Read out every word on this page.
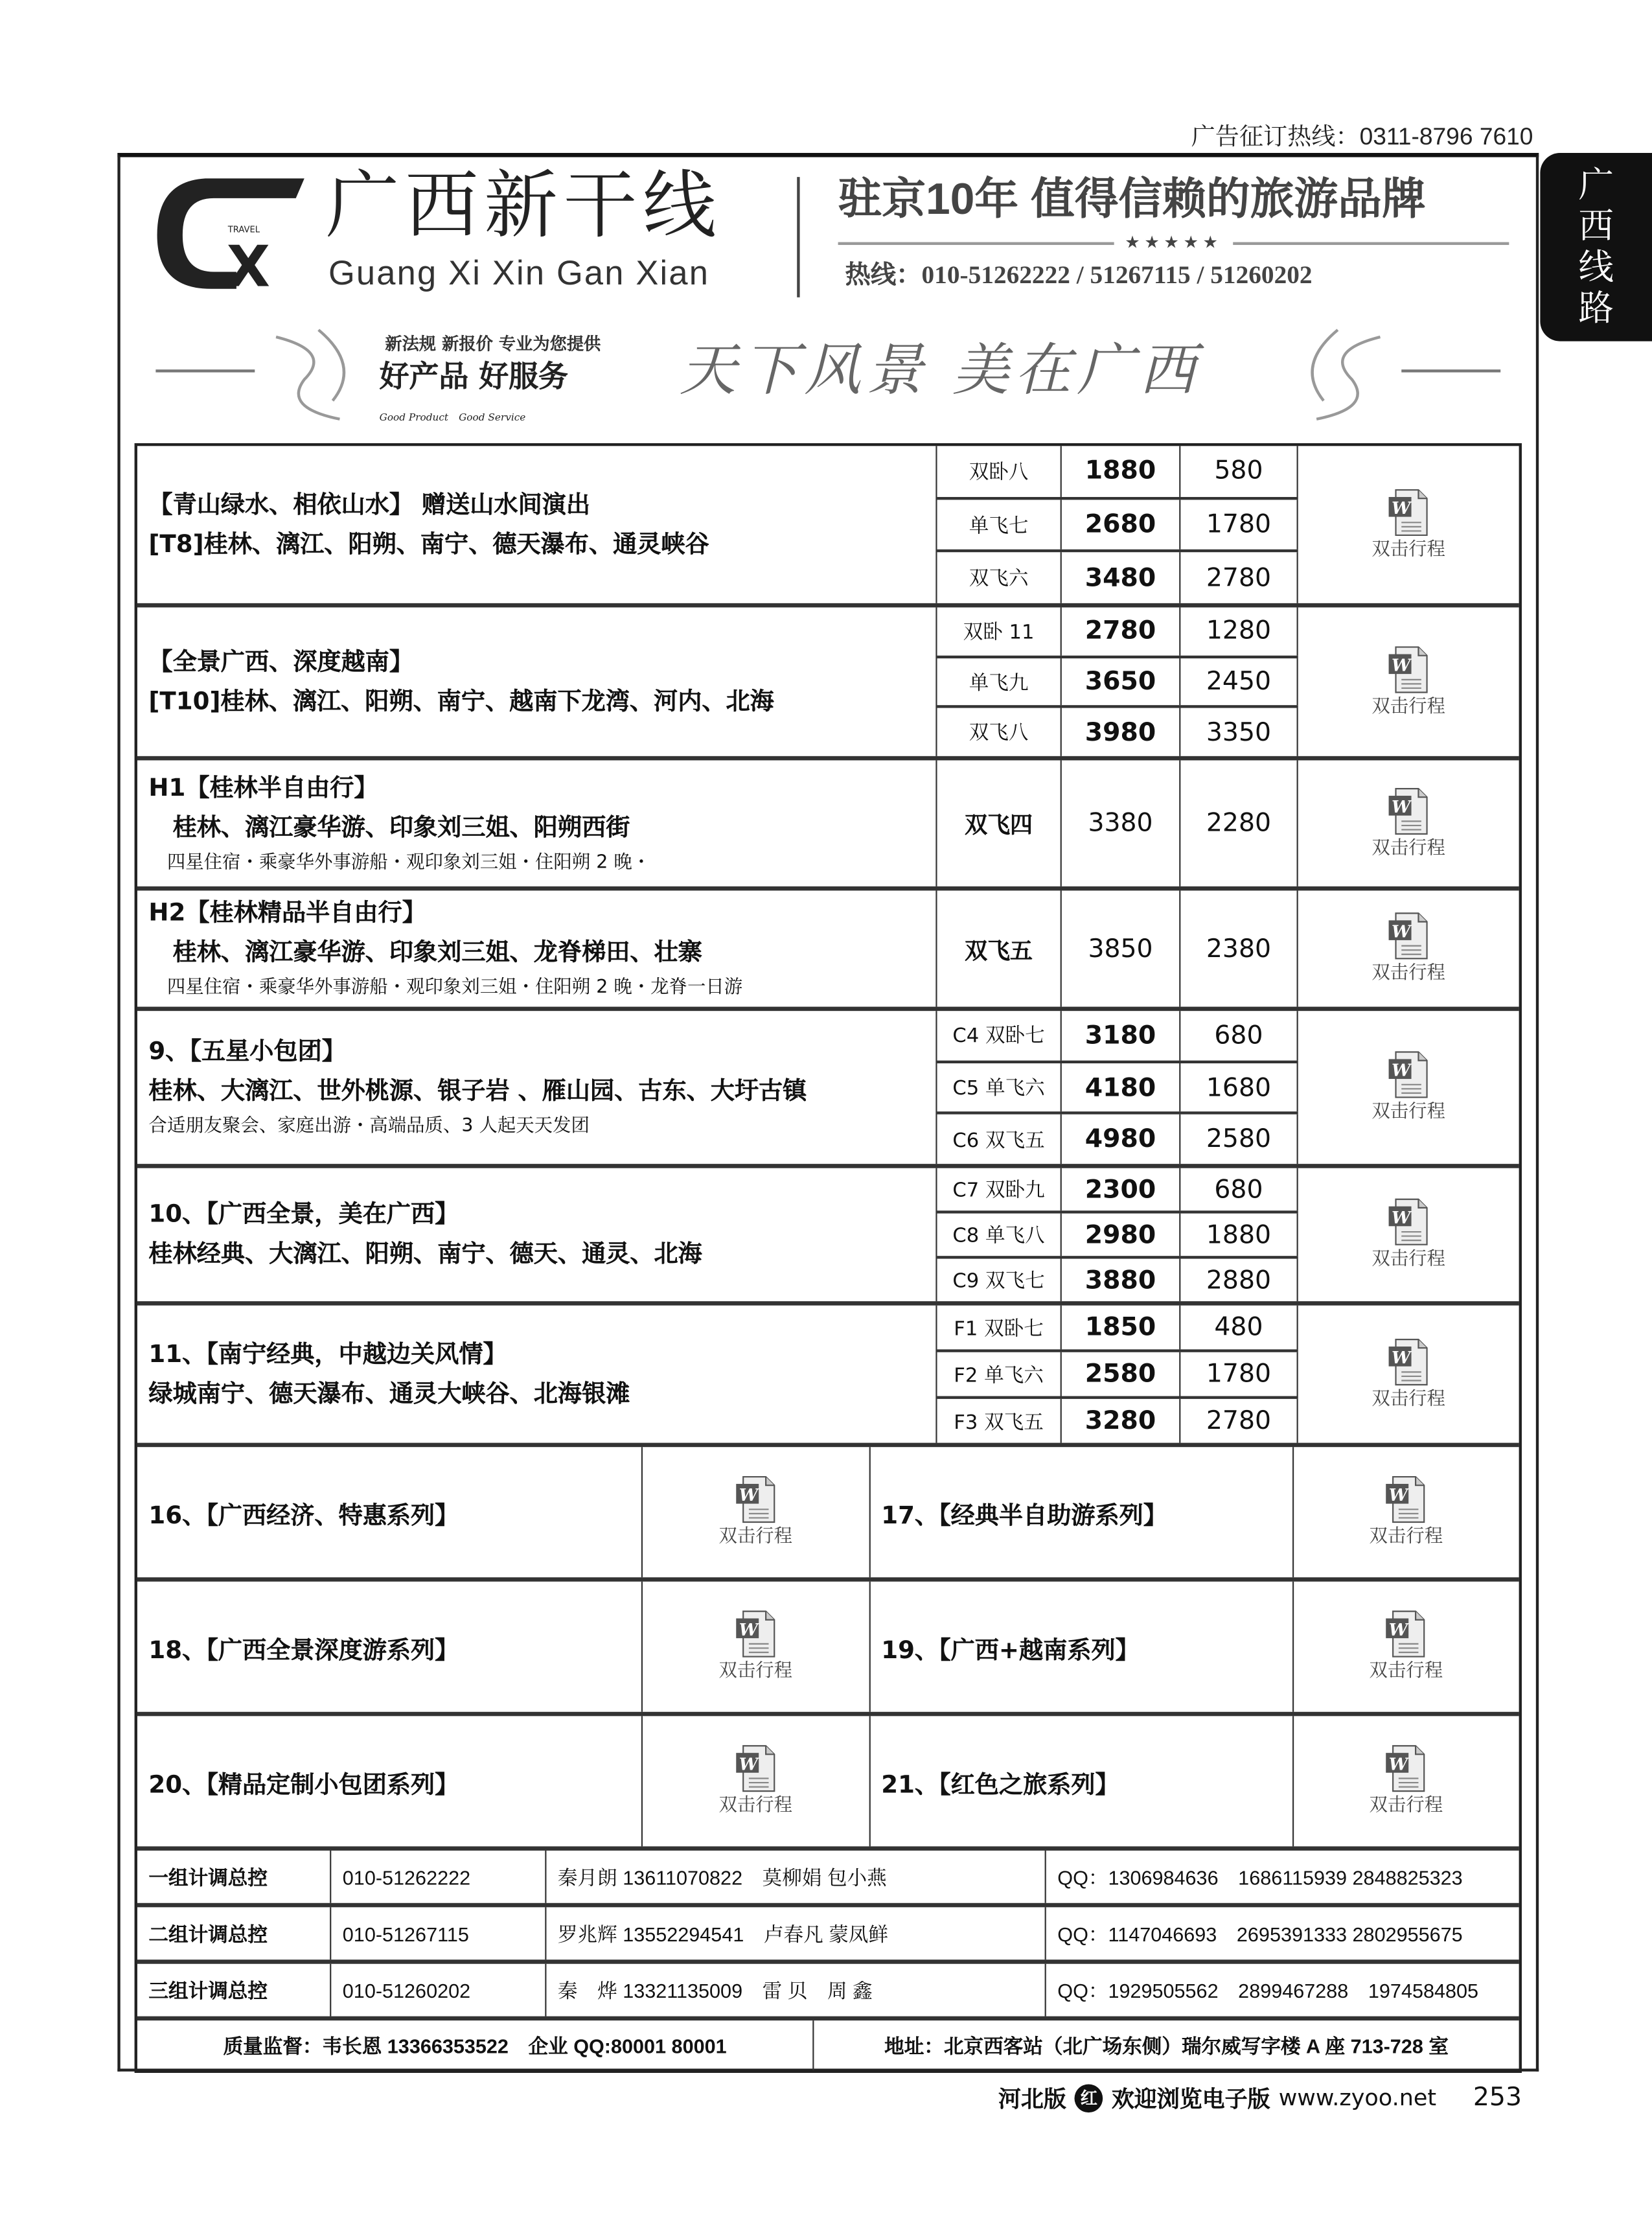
广告征订热线：0311-8796 7610
广
西
线
路
X
TRAVEL 广西新干线
Guang Xi Xin Gan Xian
驻京10年 值得信赖的旅游品牌
★★★★★
热线：010-51262222 / 51267115 / 51260202
新法规 新报价 专业为您提供
好产品 好服务
Good Product Good Service
天下风景 美在广西
【青山绿水、相依山水】 赠送山水间演出
[T8]桂林、漓江、阳朔、南宁、德天瀑布、通灵峡谷
双卧八	1880	580
单飞七	2680	1780
双飞六	3480	2780
W
双击行程
【全景广西、深度越南】
[T10]桂林、漓江、阳朔、南宁、越南下龙湾、河内、北海
双卧 11	2780	1280
单飞九	3650	2450
双飞八	3980	3350
W
双击行程
H1【桂林半自由行】
　桂林、漓江豪华游、印象刘三姐、阳朔西街
　四星住宿・乘豪华外事游船・观印象刘三姐・住阳朔 2 晚・
双飞四	3380	2280
W
双击行程
H2【桂林精品半自由行】
　桂林、漓江豪华游、印象刘三姐、龙脊梯田、壮寨
　四星住宿・乘豪华外事游船・观印象刘三姐・住阳朔 2 晚・龙脊一日游
双飞五	3850	2380
W
双击行程
9、【五星小包团】
桂林、大漓江、世外桃源、银子岩 、雁山园、古东、大圩古镇
合适朋友聚会、家庭出游・高端品质、3 人起天天发团
C4 双卧七	3180	680
C5 单飞六	4180	1680
C6 双飞五	4980	2580
W
双击行程
10、【广西全景，美在广西】
桂林经典、大漓江、阳朔、南宁、德天、通灵、北海
C7 双卧九	2300	680
C8 单飞八	2980	1880
C9 双飞七	3880	2880
W
双击行程
11、【南宁经典，中越边关风情】
绿城南宁、德天瀑布、通灵大峡谷、北海银滩
F1 双卧七	1850	480
F2 单飞六	2580	1780
F3 双飞五	3280	2780
W
双击行程
16、【广西经济、特惠系列】
W
双击行程
17、【经典半自助游系列】
W
双击行程
18、【广西全景深度游系列】
W
双击行程
19、【广西+越南系列】
W
双击行程
20、【精品定制小包团系列】
W
双击行程
21、【红色之旅系列】
W
双击行程
一组计调总控	010-51262222	秦月朗 13611070822　莫柳娟 包小燕	QQ：1306984636　1686115939 2848825323
二组计调总控	010-51267115	罗兆辉 13552294541　卢春凡 蒙凤鲜	QQ：1147046693　2695391333 2802955675
三组计调总控	010-51260202	秦　烨 13321135009　雷 贝　周 鑫	QQ：1929505562　2899467288　1974584805
质量监督：韦长恩 13366353522　企业 QQ:80001 80001	地址：北京西客站（北广场东侧）瑞尔威写字楼 A 座 713-728 室
河北版	红	欢迎浏览电子版 www.zyoo.net	253
